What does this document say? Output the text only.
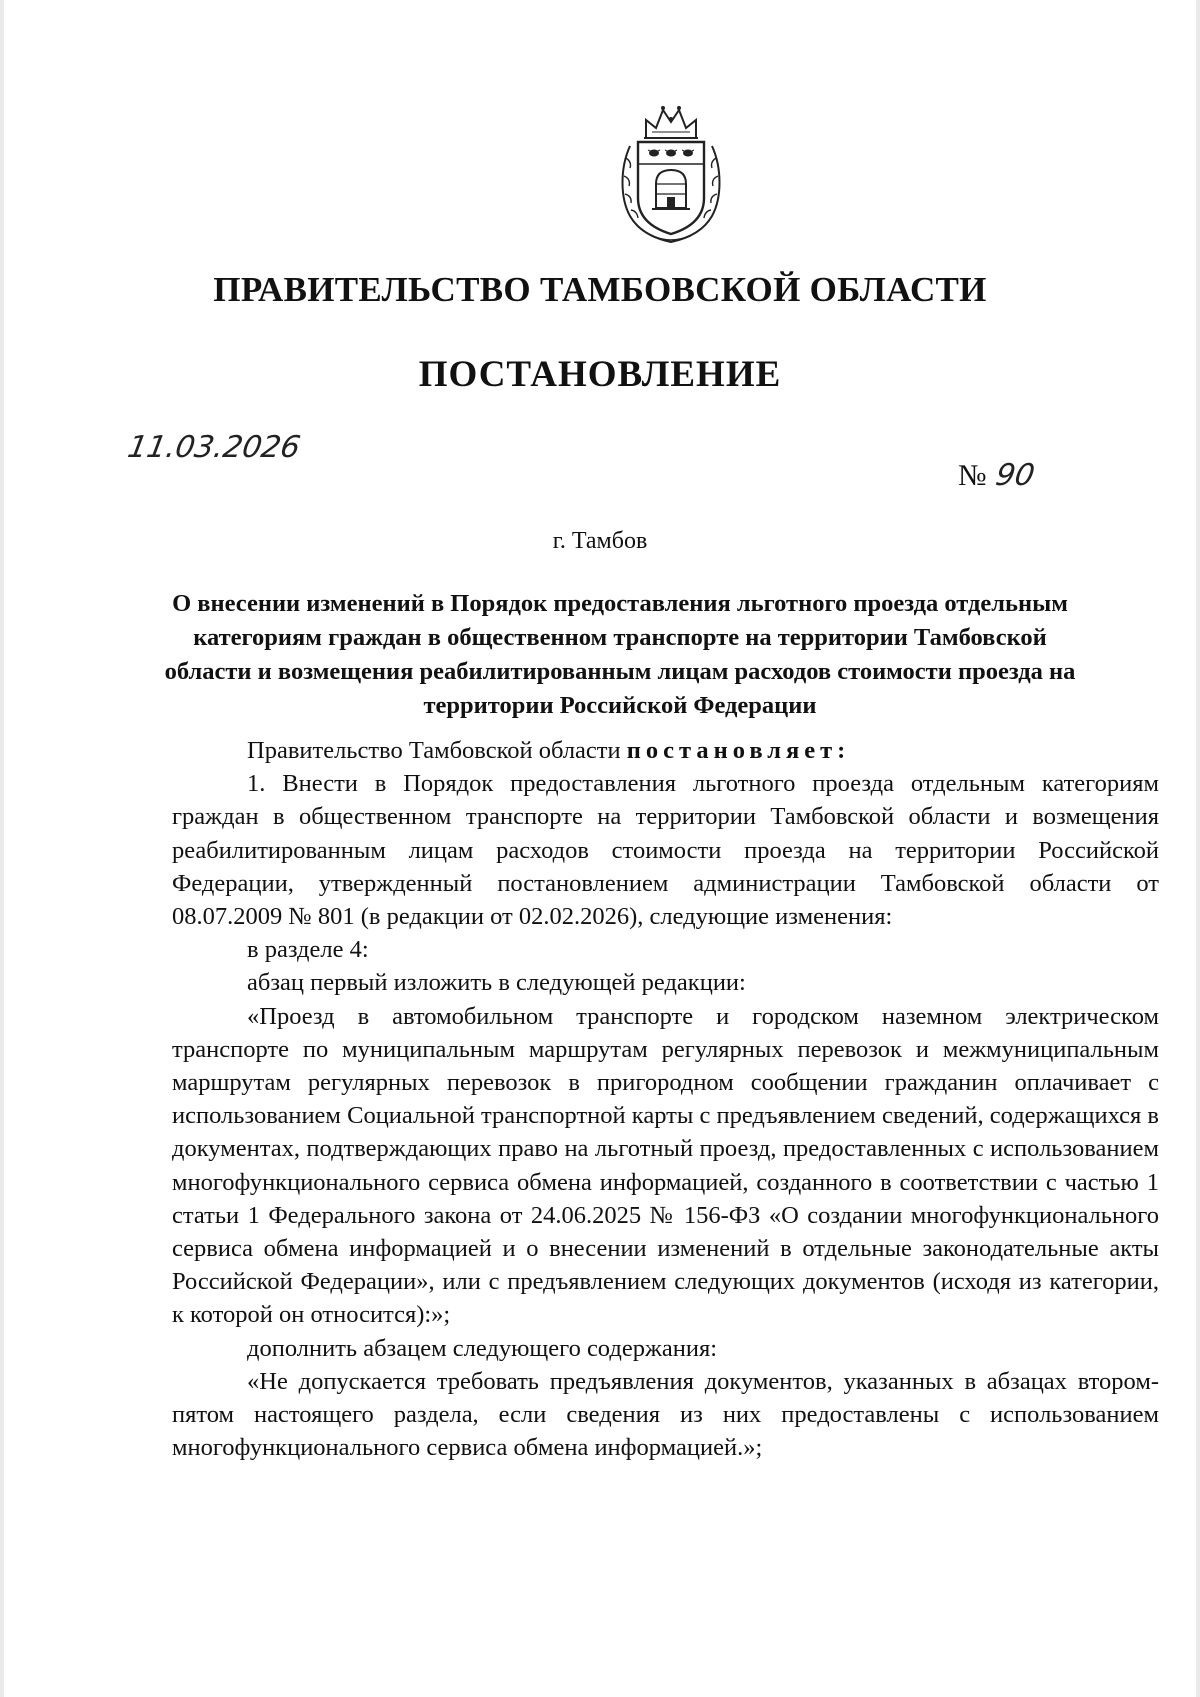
ПРАВИТЕЛЬСТВО ТАМБОВСКОЙ ОБЛАСТИ
ПОСТАНОВЛЕНИЕ
11.03.2026
№ 90
г. Тамбов
О внесении изменений в Порядок предоставления льготного проезда отдельным категориям граждан в общественном транспорте на территории Тамбовской области и возмещения реабилитированным лицам расходов стоимости проезда на территории Российской Федерации

Правительство Тамбовской области постановляет:

1. Внести в Порядок предоставления льготного проезда отдельным категориям граждан в общественном транспорте на территории Тамбовской области и возмещения реабилитированным лицам расходов стоимости проезда на территории Российской Федерации, утвержденный постановлением администрации Тамбовской области от 08.07.2009 № 801 (в редакции от 02.02.2026), следующие изменения:

в разделе 4:

абзац первый изложить в следующей редакции:

«Проезд в автомобильном транспорте и городском наземном электрическом транспорте по муниципальным маршрутам регулярных перевозок и межмуниципальным маршрутам регулярных перевозок в пригородном сообщении гражданин оплачивает с использованием Социальной транспортной карты с предъявлением сведений, содержащихся в документах, подтверждающих право на льготный проезд, предоставленных с использованием многофункционального сервиса обмена информацией, созданного в соответствии с частью 1 статьи 1 Федерального закона от 24.06.2025 № 156-ФЗ «О создании многофункционального сервиса обмена информацией и о внесении изменений в отдельные законодательные акты Российской Федерации», или с предъявлением следующих документов (исходя из категории, к которой он относится):»;

дополнить абзацем следующего содержания:

«Не допускается требовать предъявления документов, указанных в абзацах втором-пятом настоящего раздела, если сведения из них предоставлены с использованием многофункционального сервиса обмена информацией.»;
